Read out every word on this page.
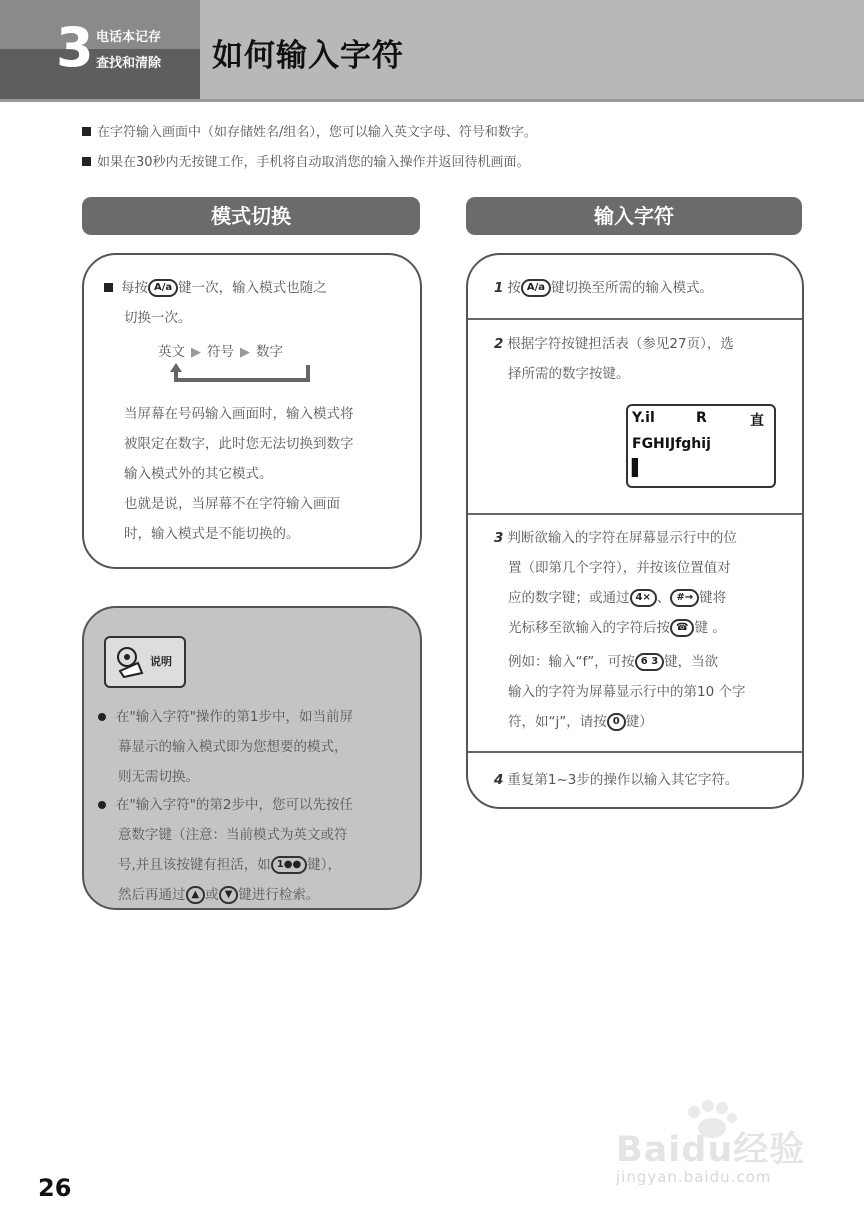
3 电话本记存
查找和清除 如何输入字符
在字符输入画面中（如存储姓名/组名），您可以输入英文字母、符号和数字。
如果在30秒内无按键工作，手机将自动取消您的输入操作并返回待机画面。
模式切换
每按 A/a 键一次，输入模式也随之
切换一次。
英文 ▶ 符号 ▶ 数字
当屏幕在号码输入画面时，输入模式将
被限定在数字，此时您无法切换到数字
输入模式外的其它模式。
也就是说，当屏幕不在字符输入画面
时，输入模式是不能切换的。
说明
在"输入字符"操作的第1步中，如当前屏
幕显示的输入模式即为您想要的模式，
则无需切换。
在"输入字符"的第2步中，您可以先按任
意数字键（注意：当前模式为英文或符
号,并且该按键有担活，如 1●● 键），
然后再通过 ▲ 或 ▼ 键进行检索。
输入字符
1 按 A/a 键切换至所需的输入模式。
2 根据字符按键担活表（参见27页），选
择所需的数字按键。
3 判断欲输入的字符在屏幕显示行中的位
置（即第几个字符），并按该位置值对
应的数字键；或通过 4× 、 #→ 键将
光标移至欲输入的字符后按 ☎ 键 。
例如：输入“f”，可按 6 3 键，当欲
输入的字符为屏幕显示行中的第10 个字
符，如“j”，请按 0 键）
4 重复第1~3步的操作以输入其它字符。
Y.il	R	直
FGHIJfghij
▌
26
Baidu经验
jingyan.baidu.com
